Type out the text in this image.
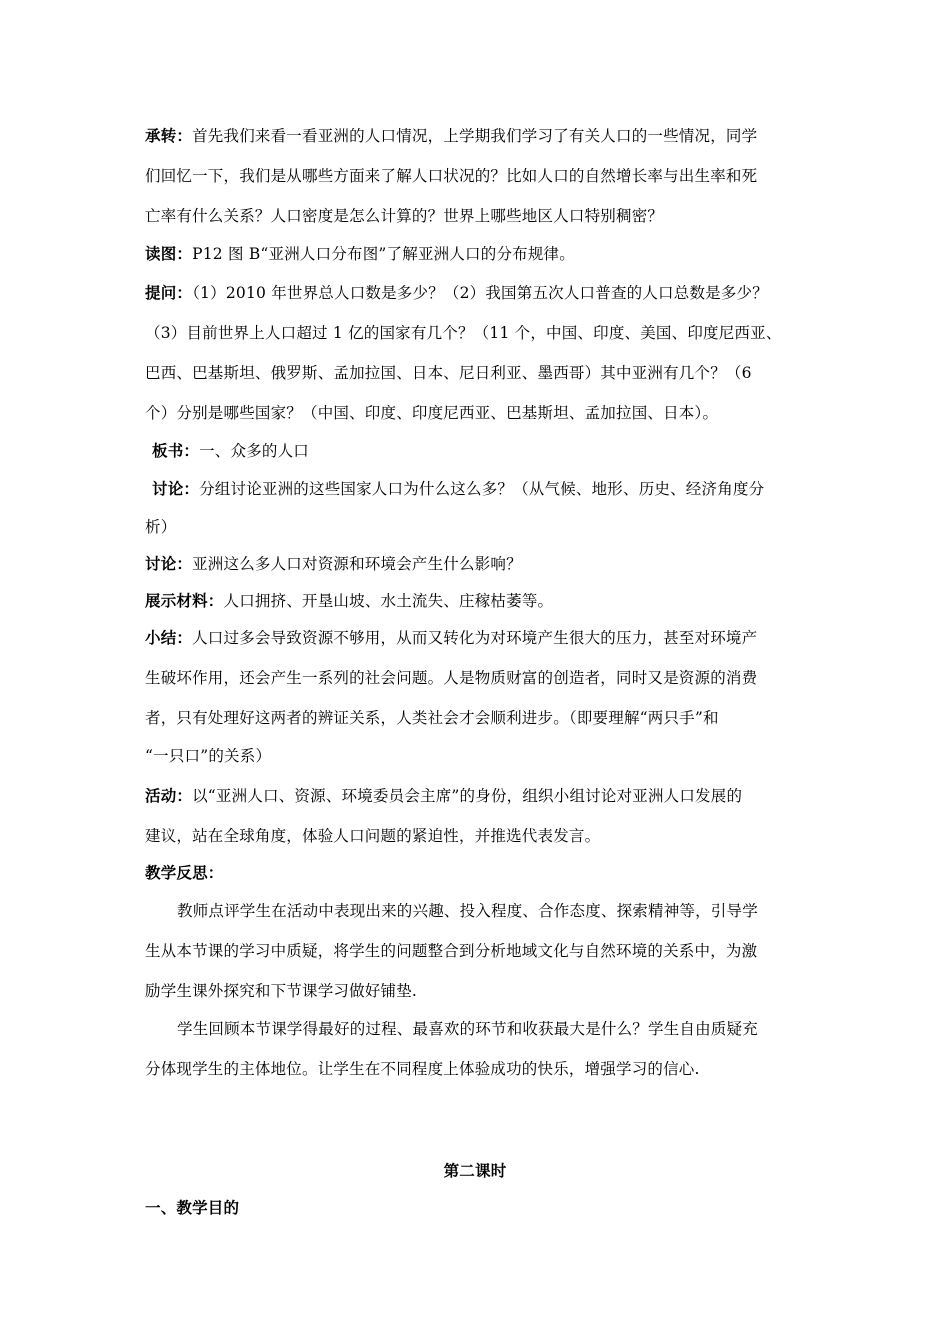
承转：首先我们来看一看亚洲的人口情况，上学期我们学习了有关人口的一些情况，同学
们回忆一下，我们是从哪些方面来了解人口状况的？比如人口的自然增长率与出生率和死
亡率有什么关系？人口密度是怎么计算的？世界上哪些地区人口特别稠密？
读图：P12 图 B“亚洲人口分布图”了解亚洲人口的分布规律。
提问：（1）2010 年世界总人口数是多少？（2）我国第五次人口普查的人口总数是多少？
（3）目前世界上人口超过 1 亿的国家有几个？（11 个，中国、印度、美国、印度尼西亚、
巴西、巴基斯坦、俄罗斯、孟加拉国、日本、尼日利亚、墨西哥）其中亚洲有几个？（6
个）分别是哪些国家？（中国、印度、印度尼西亚、巴基斯坦、孟加拉国、日本）。
板书：一、众多的人口
讨论：分组讨论亚洲的这些国家人口为什么这么多？（从气候、地形、历史、经济角度分
析）
讨论：亚洲这么多人口对资源和环境会产生什么影响？
展示材料：人口拥挤、开垦山坡、水土流失、庄稼枯萎等。
小结：人口过多会导致资源不够用，从而又转化为对环境产生很大的压力，甚至对环境产
生破坏作用，还会产生一系列的社会问题。人是物质财富的创造者，同时又是资源的消费
者，只有处理好这两者的辨证关系，人类社会才会顺利进步。（即要理解“两只手”和
“一只口”的关系）
活动：以“亚洲人口、资源、环境委员会主席”的身份，组织小组讨论对亚洲人口发展的
建议，站在全球角度，体验人口问题的紧迫性，并推选代表发言。
教学反思：
教师点评学生在活动中表现出来的兴趣、投入程度、合作态度、探索精神等，引导学
生从本节课的学习中质疑，将学生的问题整合到分析地域文化与自然环境的关系中，为激
励学生课外探究和下节课学习做好铺垫.
学生回顾本节课学得最好的过程、最喜欢的环节和收获最大是什么？学生自由质疑充
分体现学生的主体地位。让学生在不同程度上体验成功的快乐，增强学习的信心.
第二课时
一、教学目的
